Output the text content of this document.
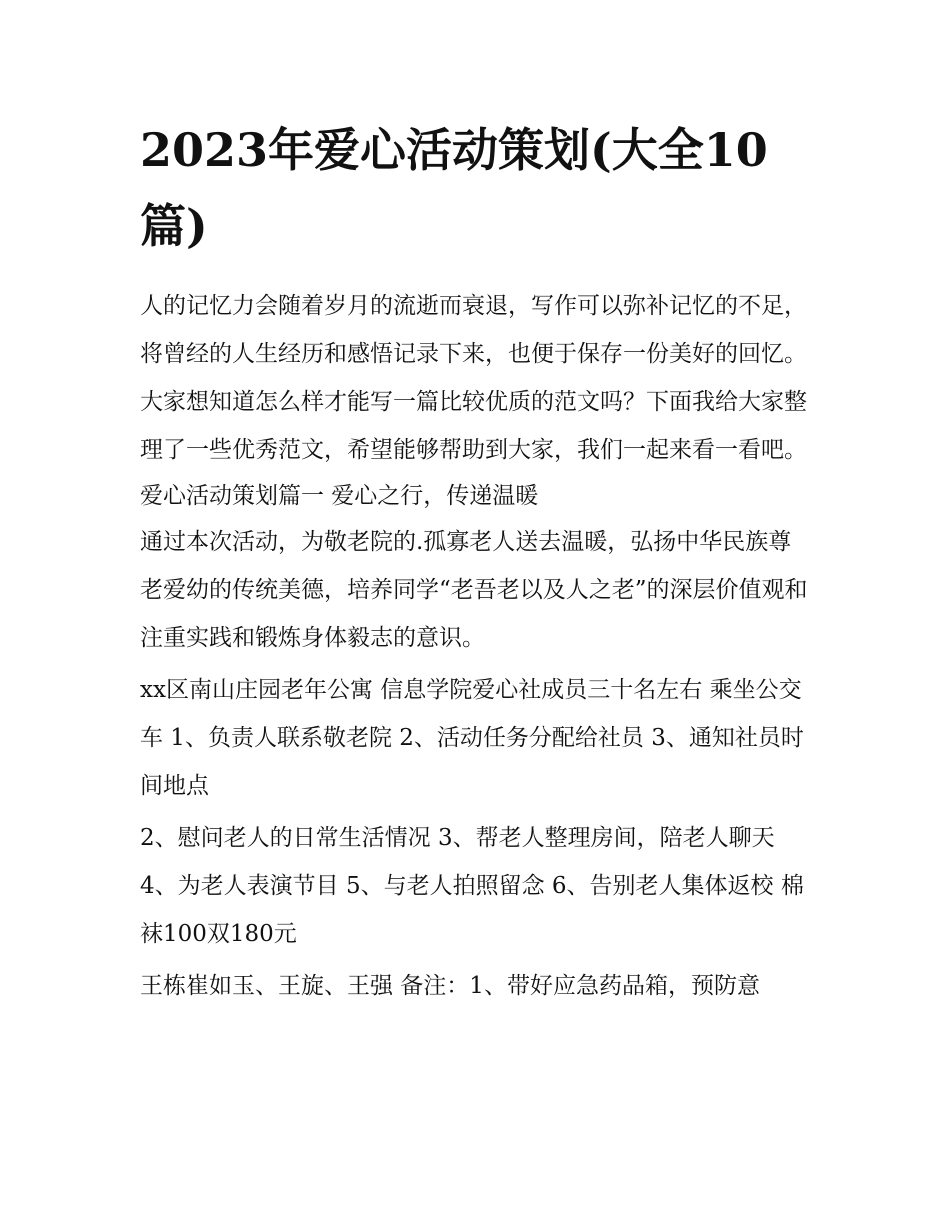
2023年爱心活动策划(大全10篇)

人的记忆力会随着岁月的流逝而衰退，写作可以弥补记忆的不足，将曾经的人生经历和感悟记录下来，也便于保存一份美好的回忆。大家想知道怎么样才能写一篇比较优质的范文吗？下面我给大家整理了一些优秀范文，希望能够帮助到大家，我们一起来看一看吧。

爱心活动策划篇一 爱心之行，传递温暖

通过本次活动，为敬老院的.孤寡老人送去温暖，弘扬中华民族尊老爱幼的传统美德，培养同学“老吾老以及人之老”的深层价值观和注重实践和锻炼身体毅志的意识。

xx区南山庄园老年公寓 信息学院爱心社成员三十名左右 乘坐公交车 1、负责人联系敬老院 2、活动任务分配给社员 3、通知社员时间地点

2、慰问老人的日常生活情况 3、帮老人整理房间，陪老人聊天 4、为老人表演节目 5、与老人拍照留念 6、告别老人集体返校 棉袜100双180元

王栋崔如玉、王旋、王强 备注：1、带好应急药品箱，预防意
